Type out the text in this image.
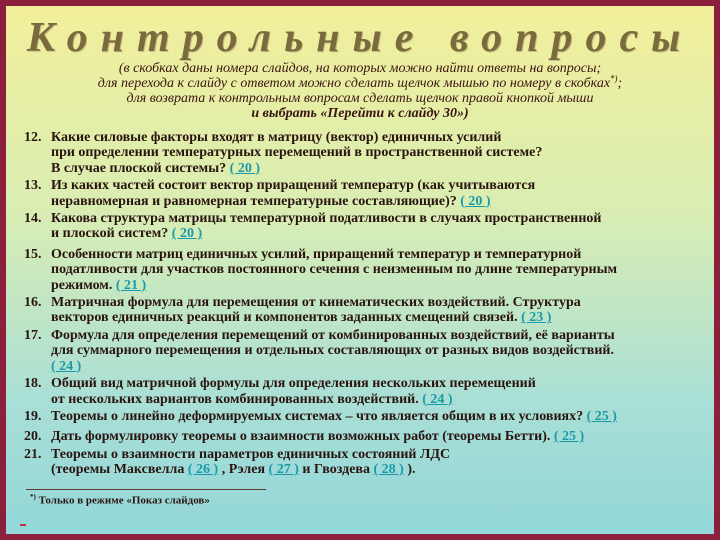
Контрольные вопросы
(в скобках даны номера слайдов, на которых можно найти ответы на вопросы;
для перехода к слайду с ответом можно сделать щелчок мышью по номеру в скобках*);
для возврата к контрольным вопросам сделать щелчок правой кнопкой мыши
и выбрать «Перейти к слайду 30»)
12. Какие силовые факторы входят в матрицу (вектор) единичных усилий
при определении температурных перемещений в пространственной системе?
В случае плоской системы? ( 20 )
13. Из каких частей состоит вектор приращений температур (как учитываются
неравномерная и равномерная температурные составляющие)? ( 20 )
14. Какова структура матрицы температурной податливости в случаях пространственной
и плоской систем? ( 20 )
15. Особенности матриц единичных усилий, приращений температур и температурной
податливости для участков постоянного сечения с неизменным по длине температурным
режимом. ( 21 )
16. Матричная формула для перемещения от кинематических воздействий. Структура
векторов единичных реакций и компонентов заданных смещений связей. ( 23 )
17. Формула для определения перемещений от комбинированных воздействий, её варианты
для суммарного перемещения и отдельных составляющих от разных видов воздействий.
( 24 )
18. Общий вид матричной формулы для определения нескольких перемещений
от нескольких вариантов комбинированных воздействий. ( 24 )
19. Теоремы о линейно деформируемых системах – что является общим в их условиях? ( 25 )
20. Дать формулировку теоремы о взаимности возможных работ (теоремы Бетти). ( 25 )
21. Теоремы о взаимности параметров единичных состояний ЛДС
(теоремы Максвелла ( 26 ) , Рэлея ( 27 ) и Гвоздева ( 28 ) ).
*) Только в режиме «Показ слайдов»
